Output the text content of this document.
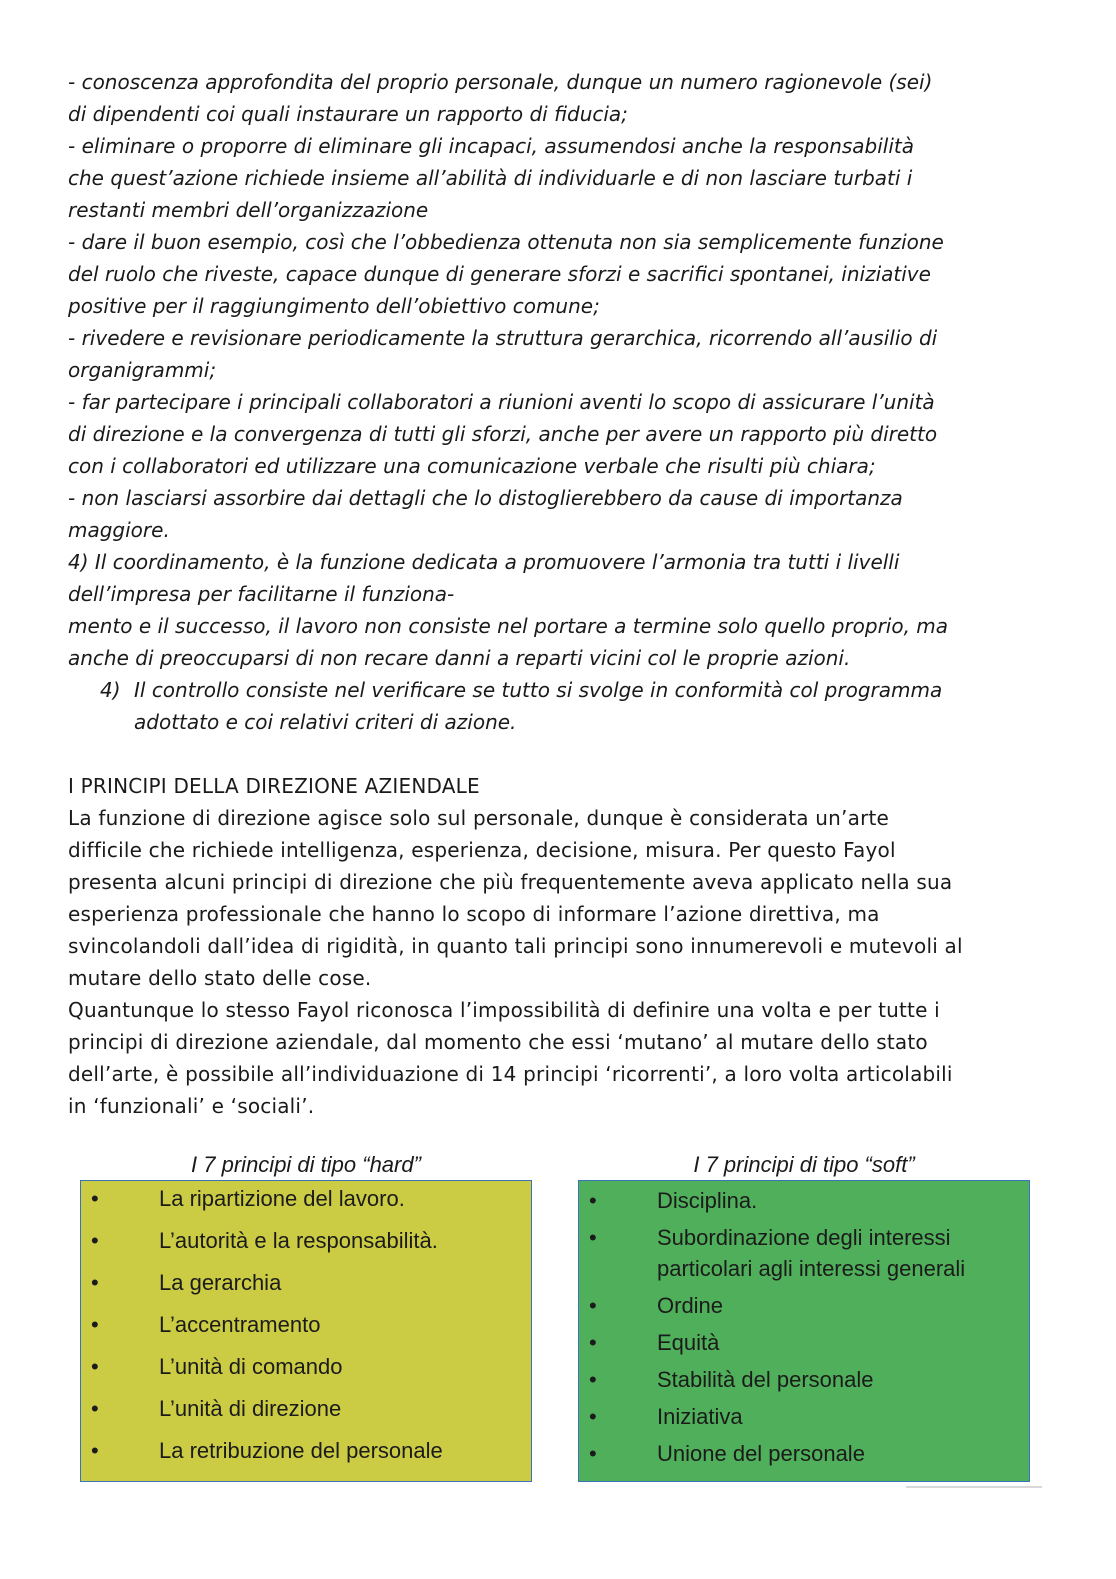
- conoscenza approfondita del proprio personale, dunque un numero ragionevole (sei)
di dipendenti coi quali instaurare un rapporto di fiducia;
- eliminare o proporre di eliminare gli incapaci, assumendosi anche la responsabilità
che quest’azione richiede insieme all’abilità di individuarle e di non lasciare turbati i
restanti membri dell’organizzazione
- dare il buon esempio, così che l’obbedienza ottenuta non sia semplicemente funzione
del ruolo che riveste, capace dunque di generare sforzi e sacrifici spontanei, iniziative
positive per il raggiungimento dell’obiettivo comune;
- rivedere e revisionare periodicamente la struttura gerarchica, ricorrendo all’ausilio di
organigrammi;
- far partecipare i principali collaboratori a riunioni aventi lo scopo di assicurare l’unità
di direzione e la convergenza di tutti gli sforzi, anche per avere un rapporto più diretto
con i collaboratori ed utilizzare una comunicazione verbale che risulti più chiara;
- non lasciarsi assorbire dai dettagli che lo distoglierebbero da cause di importanza
maggiore.
4) Il coordinamento, è la funzione dedicata a promuovere l’armonia tra tutti i livelli
dell’impresa per facilitarne il funziona-
mento e il successo, il lavoro non consiste nel portare a termine solo quello proprio, ma
anche di preoccuparsi di non recare danni a reparti vicini col le proprie azioni.
4) Il controllo consiste nel verificare se tutto si svolge in conformità col programma
adottato e coi relativi criteri di azione.
I PRINCIPI DELLA DIREZIONE AZIENDALE
La funzione di direzione agisce solo sul personale, dunque è considerata un’arte
difficile che richiede intelligenza, esperienza, decisione, misura. Per questo Fayol
presenta alcuni principi di direzione che più frequentemente aveva applicato nella sua
esperienza professionale che hanno lo scopo di informare l’azione direttiva, ma
svincolandoli dall’idea di rigidità, in quanto tali principi sono innumerevoli e mutevoli al
mutare dello stato delle cose.
Quantunque lo stesso Fayol riconosca l’impossibilità di definire una volta e per tutte i
principi di direzione aziendale, dal momento che essi ‘mutano’ al mutare dello stato
dell’arte, è possibile all’individuazione di 14 principi ‘ricorrenti’, a loro volta articolabili
in ‘funzionali’ e ‘sociali’.
I 7 principi di tipo “hard”
•	La ripartizione del lavoro.
•	L’autorità e la responsabilità.
•	La gerarchia
•	L’accentramento
•	L’unità di comando
•	L’unità di direzione
•	La retribuzione del personale
I 7 principi di tipo “soft”
•	Disciplina.
•	Subordinazione degli interessi particolari agli interessi generali
•	Ordine
•	Equità
•	Stabilità del personale
•	Iniziativa
•	Unione del personale
